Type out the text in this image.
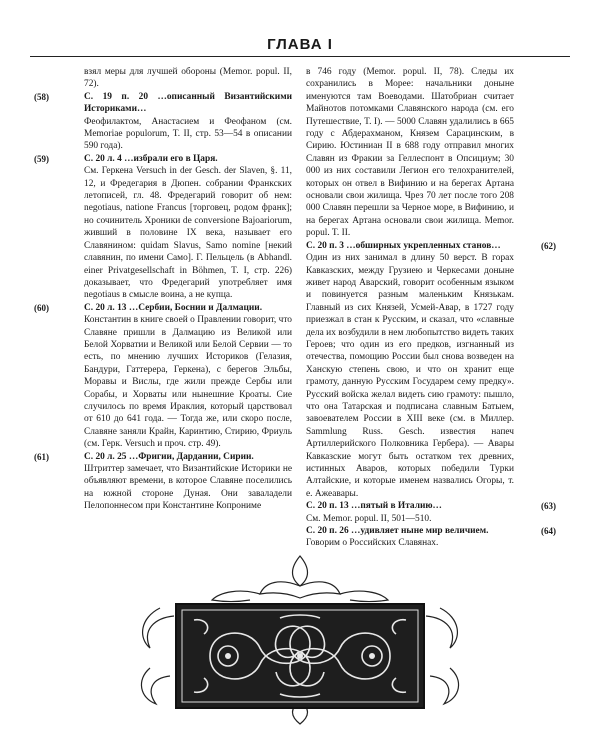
ГЛАВА I

взял меры для лучшей обороны (Memor. popul. II, 72).

(58)	С. 19 п. 20 …описанный Византийскими Историками…

Феофилактом, Анастасием и Феофаном (см. Memoriae populorum, T. II, стр. 53—54 в описании 590 года).

(59)	С. 20 л. 4 …избрали его в Царя.

См. Геркена Versuch in der Gesch. der Slaven, §. 11, 12, и Фредегария в Дюпен. собрании Франкских летописей, гл. 48. Фредегарий говорит об нем: negotiaus, natione Francus [торговец, родом франк]; но сочинитель Хроники de conversione Bajoariorum, живший в половине IX века, называет его Славянином: quidam Slavus, Samo nomine [некий славянин, по имени Само]. Г. Пельцель (в Abhandl. einer Privatgesellschaft in Böhmen, T. I, стр. 226) доказывает, что Фредегарий употребляет имя negotiaus в смысле воина, а не купца.

(60)	С. 20 л. 13 …Сербии, Боснии и Далмации.

Константин в книге своей о Правлении говорит, что Славяне пришли в Далмацию из Великой или Белой Хорватии и Великой или Белой Сервии — то есть, по мнению лучших Историков (Гелазия, Бандури, Гаттерера, Геркена), с берегов Эльбы, Моравы и Вислы, где жили прежде Сербы или Сорабы, и Хорваты или нынешние Кроаты. Сие случилось по время Ираклия, который царствовал от 610 до 641 года. — Тогда же, или скоро после, Славяне заняли Крайн, Каринтию, Стирию, Фриуль (см. Герк. Versuch и проч. стр. 49).

(61)	С. 20 л. 25 …Фригии, Дардании, Сирии.

Штриттер замечает, что Византийские Историки не объявляют времени, в которое Славяне поселились на южной стороне Дуная. Они заваладели Пелопоннесом при Константине Копрониме

в 746 году (Memor. popul. II, 78). Следы их сохранились в Морее: начальники доныне именуются там Воеводами. Шатобриан считает Майнотов потомками Славянского народа (см. его Путешествие, T. I). — 5000 Славян удалились в 665 году с Абдерахманом, Князем Сарацинским, в Сирию. Юстиниан II в 688 году отправил многих Славян из Фракии за Геллеспонт в Опсициум; 30 000 из них составили Легион его телохранителей, которых он отвел в Вифинию и на берегах Артана основали свои жилища. Чрез 70 лет после того 208 000 Славян перешли за Черное море, в Вифинию, и на берегах Артана основали свои жилища. Memor. popul. T. II.

(62)

С. 20 п. 3 …обширных укрепленных станов…

Один из них занимал в длину 50 верст. В горах Кавказских, между Грузиею и Черкесами доныне живет народ Аварский, говорит особенным языком и повинуется разным маленьким Князькам. Главный из сих Князей, Усмей-Авар, в 1727 году приезжал в стан к Русским, и сказал, что «славные дела их возбудили в нем любопытство видеть таких Героев; что один из его предков, изгнанный из отечества, помощию России был снова возведен на Ханскую степень свою, и что он хранит еще грамоту, данную Русским Государем сему предку». Русский войска желал видеть сию грамоту: пышло, что она Татарская и подписана славным Батыем, завоевателем России в XIII веке (см. в Миллер. Sammlung Russ. Gesch. известия напеч Артиллерийского Полковника Гербера). — Авары Кавказские могут быть остатком тех древних, истинных Аваров, которых победили Турки Алтайские, и которые именем назвались Огоры, т. е. Ажеавары.

(63)

С. 20 п. 13 …пятый в Италию…

См. Memor. popul. II, 501—510.

(64)

С. 20 п. 26 …удивляет ныне мир величием.

Говорим о Российских Славянах.
